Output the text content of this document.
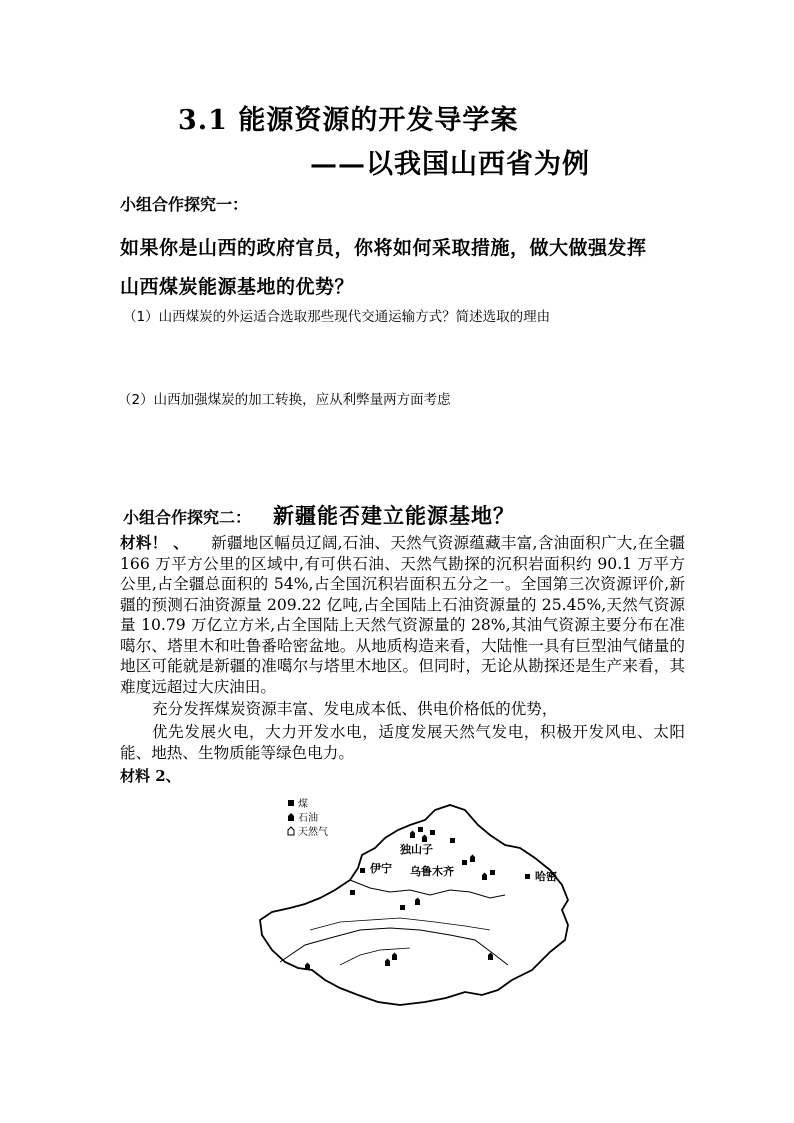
3.1 能源资源的开发导学案
——以我国山西省为例
小组合作探究一：
如果你是山西的政府官员，你将如何采取措施，做大做强发挥
山西煤炭能源基地的优势？
（1）山西煤炭的外运适合选取那些现代交通运输方式？简述选取的理由
（2）山西加强煤炭的加工转换，应从利弊量两方面考虑
小组合作探究二： 新疆能否建立能源基地？
材料！ 、 新疆地区幅员辽阔,石油、天然气资源蕴藏丰富,含油面积广大,在全疆 166 万平方公里的区域中,有可供石油、天然气勘探的沉积岩面积约 90.1 万平方公里,占全疆总面积的 54%,占全国沉积岩面积五分之一。全国第三次资源评价,新疆的预测石油资源量 209.22 亿吨,占全国陆上石油资源量的 25.45%,天然气资源量 10.79 万亿立方米,占全国陆上天然气资源量的 28%,其油气资源主要分布在准噶尔、塔里木和吐鲁番哈密盆地。从地质构造来看，大陆惟一具有巨型油气储量的地区可能就是新疆的准噶尔与塔里木地区。但同时，无论从勘探还是生产来看，其难度远超过大庆油田。
充分发挥煤炭资源丰富、发电成本低、供电价格低的优势，
优先发展火电，大力开发水电，适度发展天然气发电，积极开发风电、太阳能、地热、生物质能等绿色电力。
材料 2、
煤
石油
天然气
独山子
伊宁 乌鲁木齐	哈密
